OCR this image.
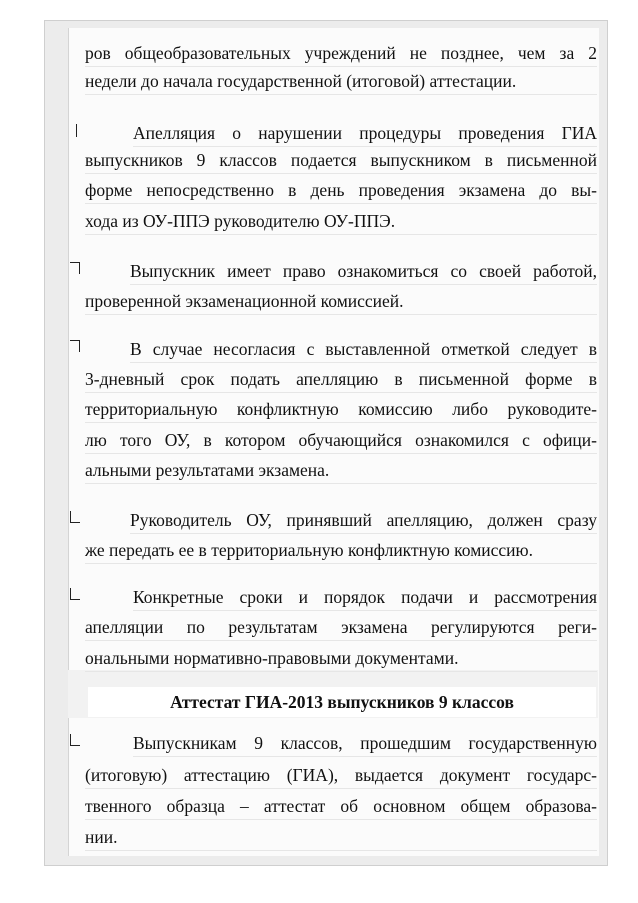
ров общеобразовательных учреждений не позднее, чем за 2
недели до начала государственной (итоговой) аттестации.
Апелляция о нарушении процедуры проведения ГИА
выпускников 9 классов подается выпускником в письменной
форме непосредственно в день проведения экзамена до вы-
хода из ОУ-ППЭ руководителю ОУ-ППЭ.
Выпускник имеет право ознакомиться со своей работой,
проверенной экзаменационной комиссией.
В случае несогласия с выставленной отметкой следует в
3-дневный срок подать апелляцию в письменной форме в
территориальную конфликтную комиссию либо руководите-
лю того ОУ, в котором обучающийся ознакомился с офици-
альными результатами экзамена.
Руководитель ОУ, принявший апелляцию, должен сразу
же передать ее в территориальную конфликтную комиссию.
Конкретные сроки и порядок подачи и рассмотрения
апелляции по результатам экзамена регулируются реги-
ональными нормативно-правовыми документами.
Аттестат ГИА-2013 выпускников 9 классов
Выпускникам 9 классов, прошедшим государственную
(итоговую) аттестацию (ГИА), выдается документ государс-
твенного образца – аттестат об основном общем образова-
нии.
